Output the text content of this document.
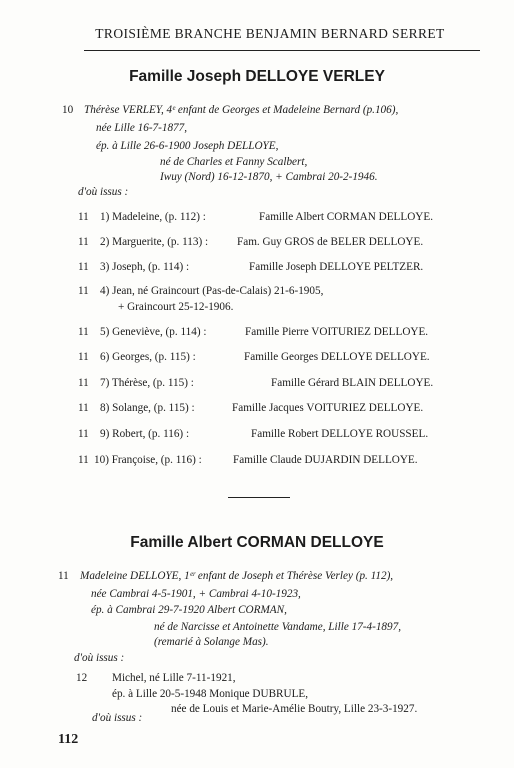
TROISIÈME BRANCHE BENJAMIN BERNARD SERRET
Famille Joseph DELLOYE VERLEY
10 Thérèse VERLEY, 4ᵉ enfant de Georges et Madeleine Bernard (p.106),
née Lille 16-7-1877,
ép. à Lille 26-6-1900 Joseph DELLOYE,
né de Charles et Fanny Scalbert,
Iwuy (Nord) 16-12-1870, + Cambrai 20-2-1946.
d'où issus :
11 1) Madeleine, (p. 112) :	Famille Albert CORMAN DELLOYE.
11 2) Marguerite, (p. 113) :	Fam. Guy GROS de BELER DELLOYE.
11 3) Joseph, (p. 114) :	Famille Joseph DELLOYE PELTZER.
11 4) Jean, né Graincourt (Pas-de-Calais) 21-6-1905,
+ Graincourt 25-12-1906.
11 5) Geneviève, (p. 114) :	Famille Pierre VOITURIEZ DELLOYE.
11 6) Georges, (p. 115) :	Famille Georges DELLOYE DELLOYE.
11 7) Thérèse, (p. 115) :	Famille Gérard BLAIN DELLOYE.
11 8) Solange, (p. 115) :	Famille Jacques VOITURIEZ DELLOYE.
11 9) Robert, (p. 116) :	Famille Robert DELLOYE ROUSSEL.
11 10) Françoise, (p. 116) :	Famille Claude DUJARDIN DELLOYE.
Famille Albert CORMAN DELLOYE
11 Madeleine DELLOYE, 1ᵉʳ enfant de Joseph et Thérèse Verley (p. 112),
née Cambrai 4-5-1901, + Cambrai 4-10-1923,
ép. à Cambrai 29-7-1920 Albert CORMAN,
né de Narcisse et Antoinette Vandame, Lille 17-4-1897,
(remarié à Solange Mas).
d'où issus :
12 Michel, né Lille 7-11-1921,
ép. à Lille 20-5-1948 Monique DUBRULE,
née de Louis et Marie-Amélie Boutry, Lille 23-3-1927.
d'où issus :
112
